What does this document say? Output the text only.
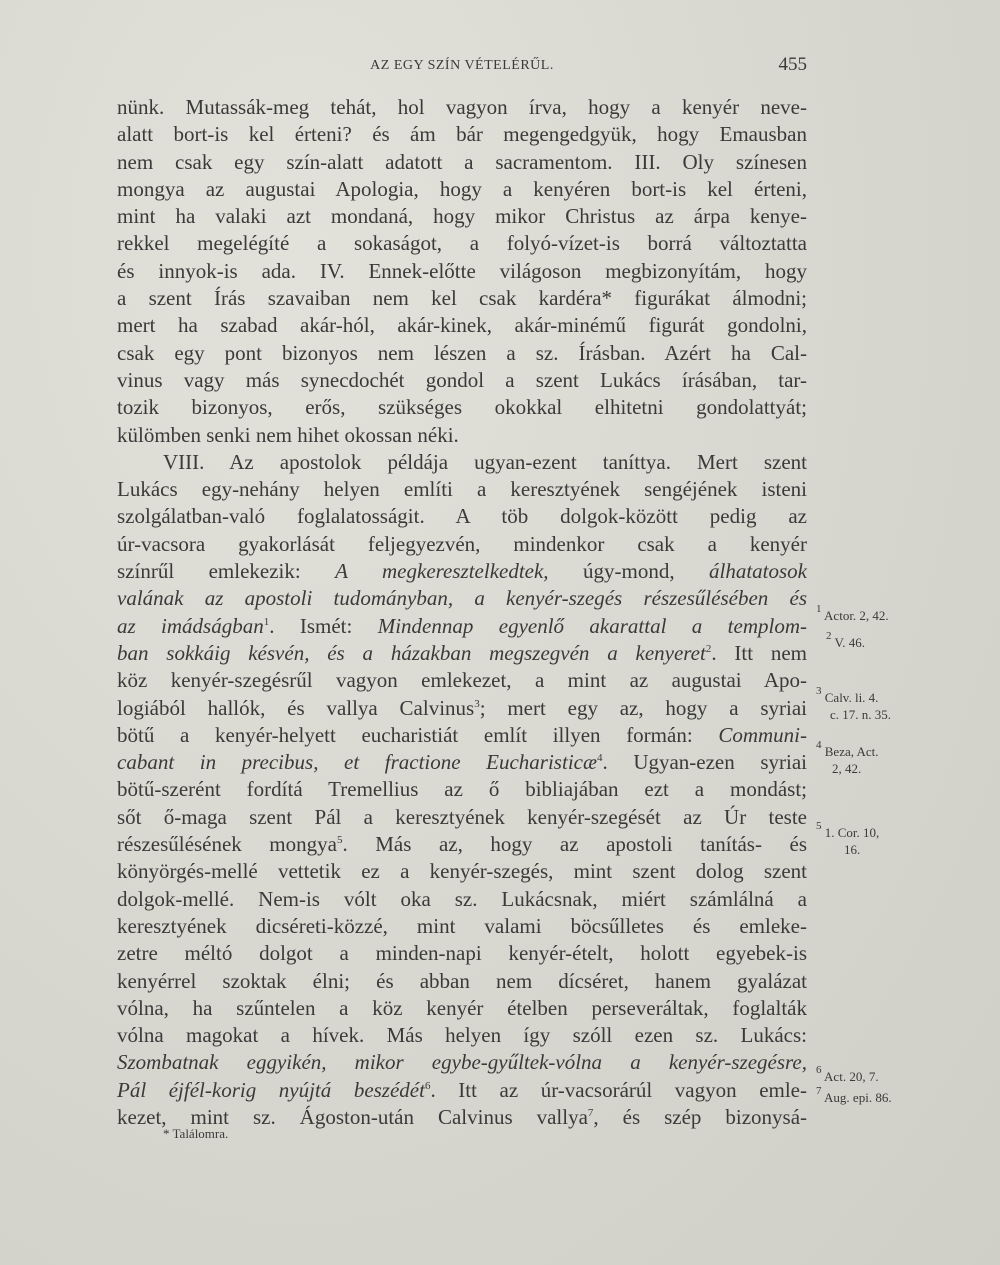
AZ EGY SZÍN VÉTELÉRŰL.	455
nünk. Mutassák-meg tehát, hol vagyon írva, hogy a kenyér neve-
alatt bort-is kel érteni? és ám bár megengedgyük, hogy Emausban
nem csak egy szín-alatt adatott a sacramentom. III. Oly színesen
mongya az augustai Apologia, hogy a kenyéren bort-is kel érteni,
mint ha valaki azt mondaná, hogy mikor Christus az árpa kenye-
rekkel megelégíté a sokaságot, a folyó-vízet-is borrá változtatta
és innyok-is ada. IV. Ennek-előtte világoson megbizonyítám, hogy
a szent Írás szavaiban nem kel csak kardéra* figurákat álmodni;
mert ha szabad akár-hól, akár-kinek, akár-minémű figurát gondolni,
csak egy pont bizonyos nem lészen a sz. Írásban. Azért ha Cal-
vinus vagy más synecdochét gondol a szent Lukács írásában, tar-
tozik bizonyos, erős, szükséges okokkal elhitetni gondolattyát;
külömben senki nem hihet okossan néki.
VIII. Az apostolok példája ugyan-ezent taníttya. Mert szent
Lukács egy-nehány helyen említi a keresztyének sengéjének isteni
szolgálatban-való foglalatosságit. A töb dolgok-között pedig az
úr-vacsora gyakorlását feljegyezvén, mindenkor csak a kenyér
színrűl emlekezik: A megkeresztelkedtek, úgy-mond, álhatatosok
valának az apostoli tudományban, a kenyér-szegés részesűlésében és
az imádságban$^1$. Ismét: Mindennap egyenlő akarattal a templom-
ban sokkáig késvén, és a házakban megszegvén a kenyeret$^2$. Itt nem
köz kenyér-szegésrűl vagyon emlekezet, a mint az augustai Apo-
logiából hallók, és vallya Calvinus$^3$; mert egy az, hogy a syriai
bötű a kenyér-helyett eucharistiát említ illyen formán: Communi-
cabant in precibus, et fractione Eucharisticæ$^4$. Ugyan-ezen syriai
bötű-szerént fordítá Tremellius az ő bibliajában ezt a mondást;
sőt ő-maga szent Pál a keresztyének kenyér-szegését az Úr teste
részesűlésének mongya$^5$. Más az, hogy az apostoli tanítás- és
könyörgés-mellé vettetik ez a kenyér-szegés, mint szent dolog szent
dolgok-mellé. Nem-is vólt oka sz. Lukácsnak, miért számlálná a
keresztyének dicséreti-közzé, mint valami böcsűlletes és emleke-
zetre méltó dolgot a minden-napi kenyér-ételt, holott egyebek-is
kenyérrel szoktak élni; és abban nem dícséret, hanem gyalázat
vólna, ha szűntelen a köz kenyér ételben perseveráltak, foglalták
vólna magokat a hívek. Más helyen így szóll ezen sz. Lukács:
Szombatnak eggyikén, mikor egybe-gyűltek-vólna a kenyér-szegésre,
Pál éjfél-korig nyújtá beszédét$^6$. Itt az úr-vacsorárúl vagyon emle-
kezet, mint sz. Ágoston-után Calvinus vallya$^7$, és szép bizonysá-
$^1$ Actor. 2, 42.
$^2$ V. 46.
$^3$ Calv. li. 4.
c. 17. n. 35.
$^4$ Beza, Act.
2, 42.
$^5$ 1. Cor. 10,
16.
$^6$ Act. 20, 7.
$^7$ Aug. epi. 86.
* Találomra.
